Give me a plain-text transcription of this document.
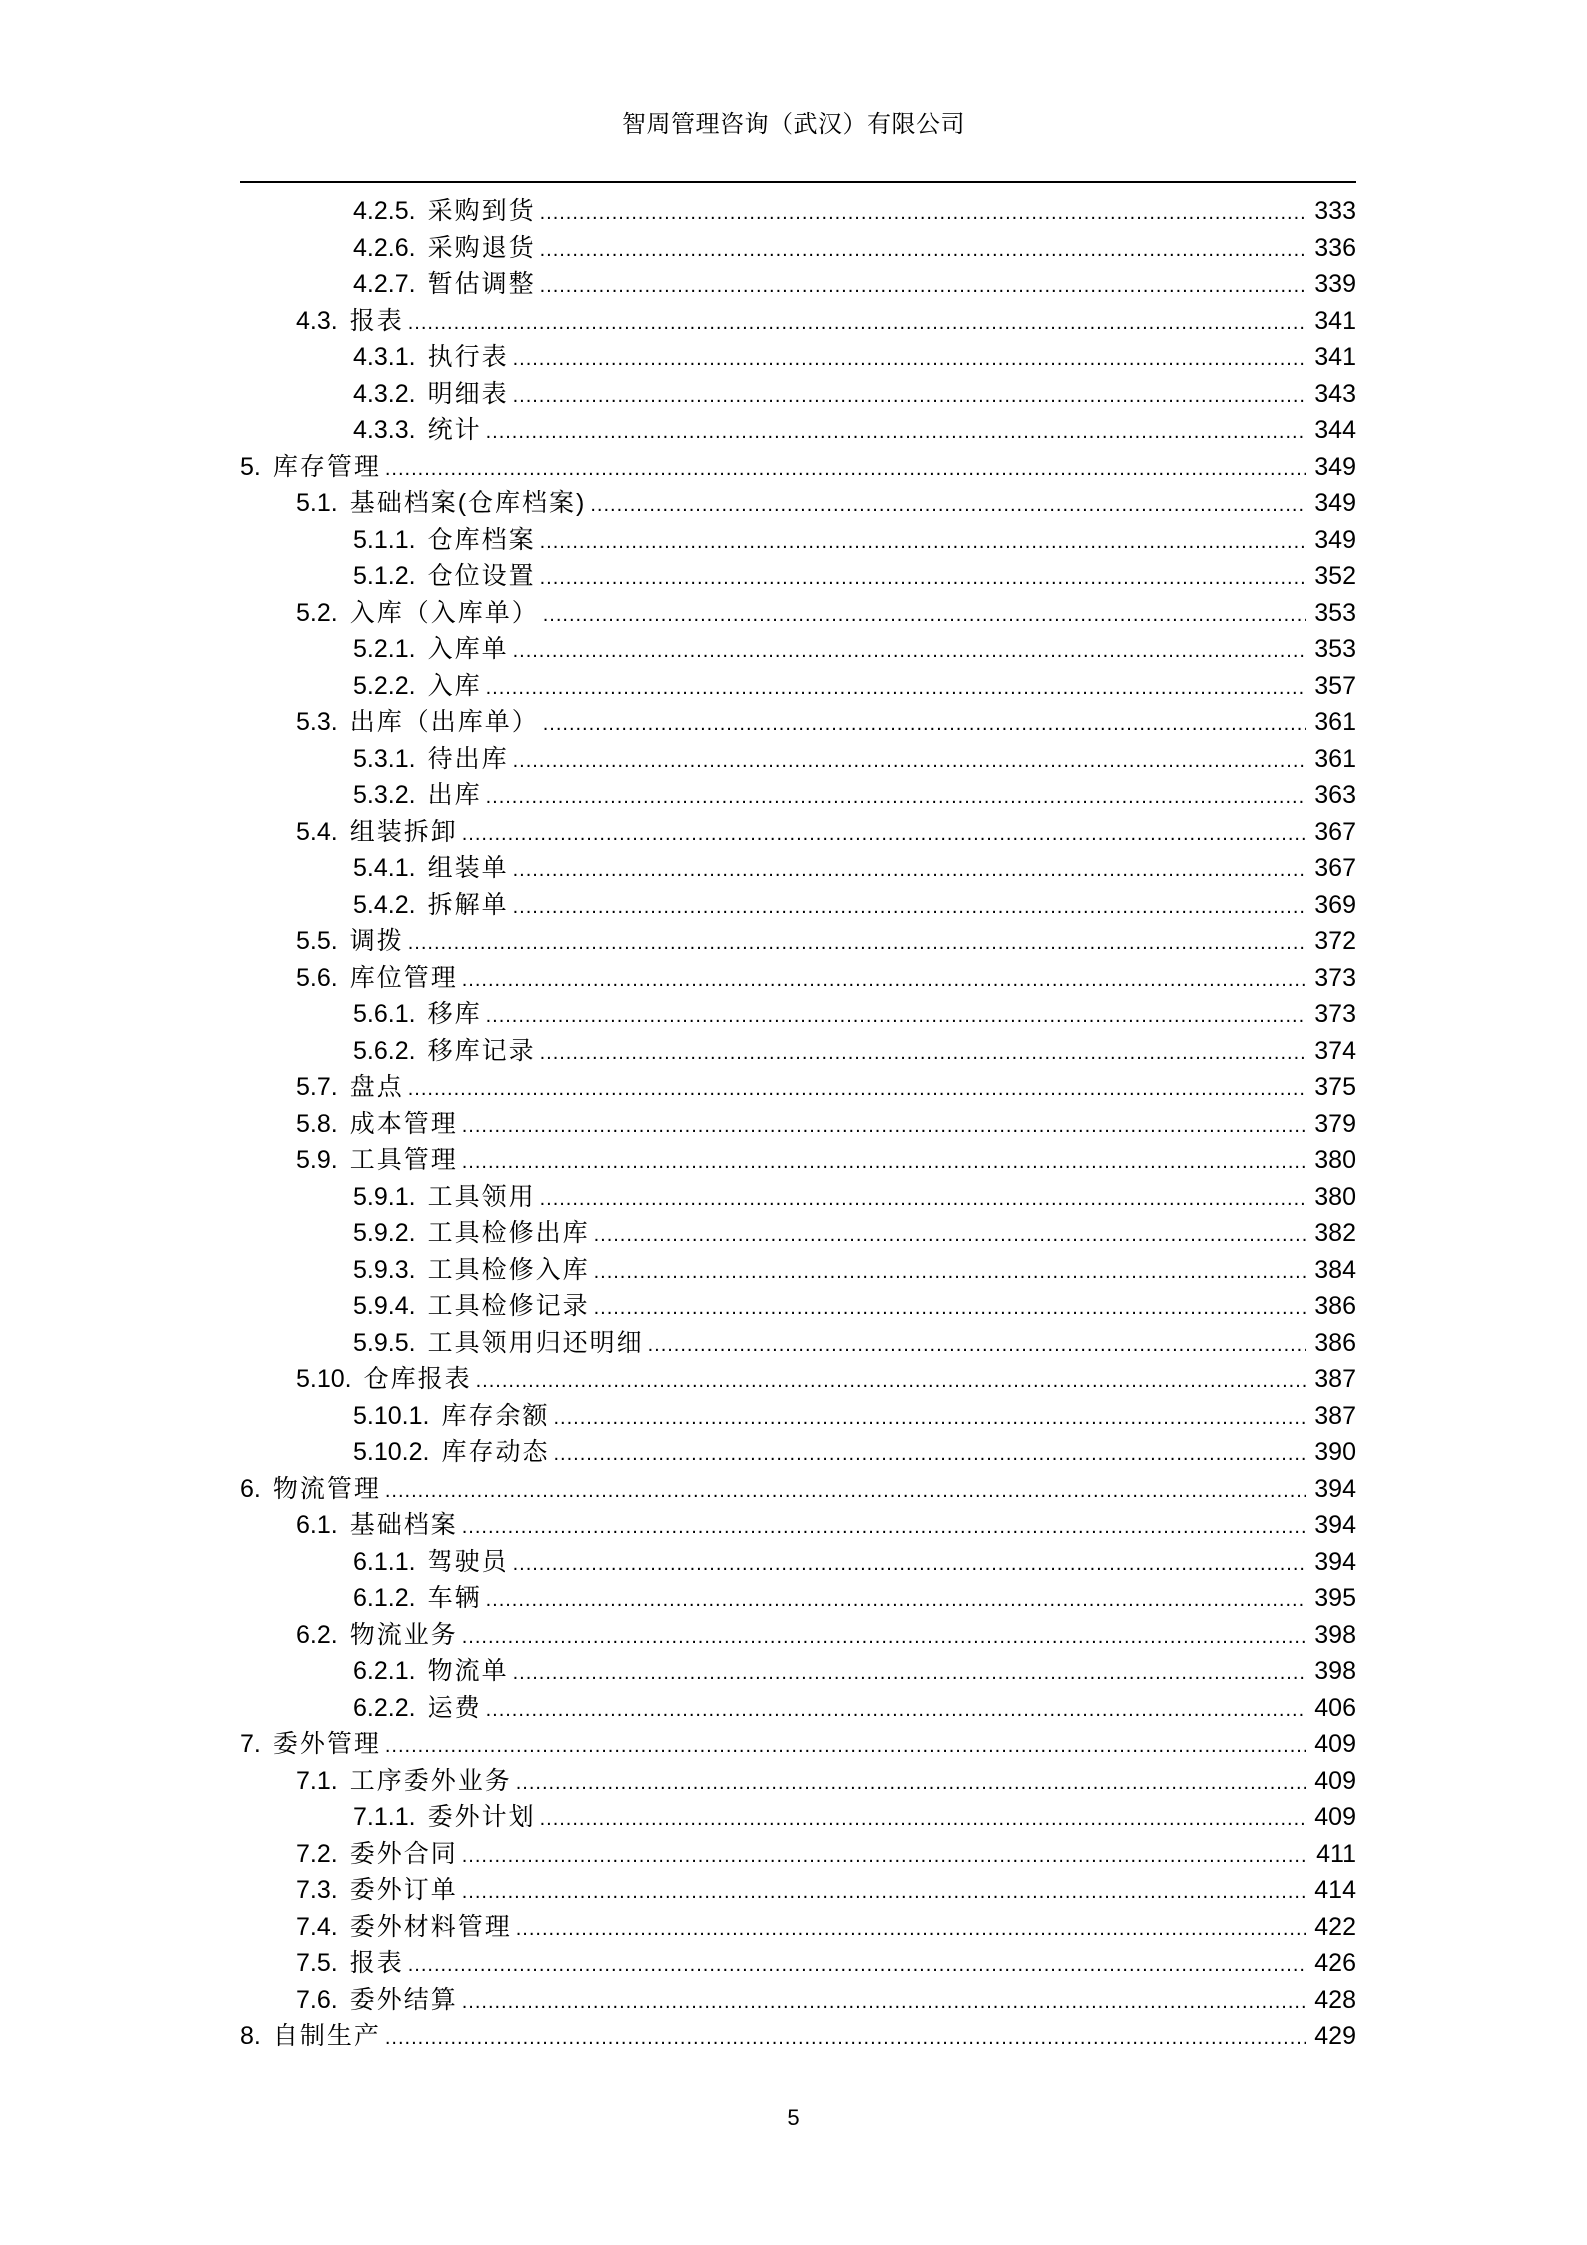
智周管理咨询（武汉）有限公司
4.2.5. 采购到货 .....	333
4.2.6. 采购退货 .....	336
4.2.7. 暂估调整 .....	339
4.3. 报表 .....	341
4.3.1. 执行表 .....	341
4.3.2. 明细表 .....	343
4.3.3. 统计 .....	344
5. 库存管理 .....	349
5.1. 基础档案(仓库档案) .....	349
5.1.1. 仓库档案 .....	349
5.1.2. 仓位设置 .....	352
5.2. 入库（入库单） .....	353
5.2.1. 入库单 .....	353
5.2.2. 入库 .....	357
5.3. 出库（出库单） .....	361
5.3.1. 待出库 .....	361
5.3.2. 出库 .....	363
5.4. 组装拆卸 .....	367
5.4.1. 组装单 .....	367
5.4.2. 拆解单 .....	369
5.5. 调拨 .....	372
5.6. 库位管理 .....	373
5.6.1. 移库 .....	373
5.6.2. 移库记录 .....	374
5.7. 盘点 .....	375
5.8. 成本管理 .....	379
5.9. 工具管理 .....	380
5.9.1. 工具领用 .....	380
5.9.2. 工具检修出库 .....	382
5.9.3. 工具检修入库 .....	384
5.9.4. 工具检修记录 .....	386
5.9.5. 工具领用归还明细 .....	386
5.10. 仓库报表 .....	387
5.10.1. 库存余额 .....	387
5.10.2. 库存动态 .....	390
6. 物流管理 .....	394
6.1. 基础档案 .....	394
6.1.1. 驾驶员 .....	394
6.1.2. 车辆 .....	395
6.2. 物流业务 .....	398
6.2.1. 物流单 .....	398
6.2.2. 运费 .....	406
7. 委外管理 .....	409
7.1. 工序委外业务 .....	409
7.1.1. 委外计划 .....	409
7.2. 委外合同 .....	411
7.3. 委外订单 .....	414
7.4. 委外材料管理 .....	422
7.5. 报表 .....	426
7.6. 委外结算 .....	428
8. 自制生产 .....	429
5
